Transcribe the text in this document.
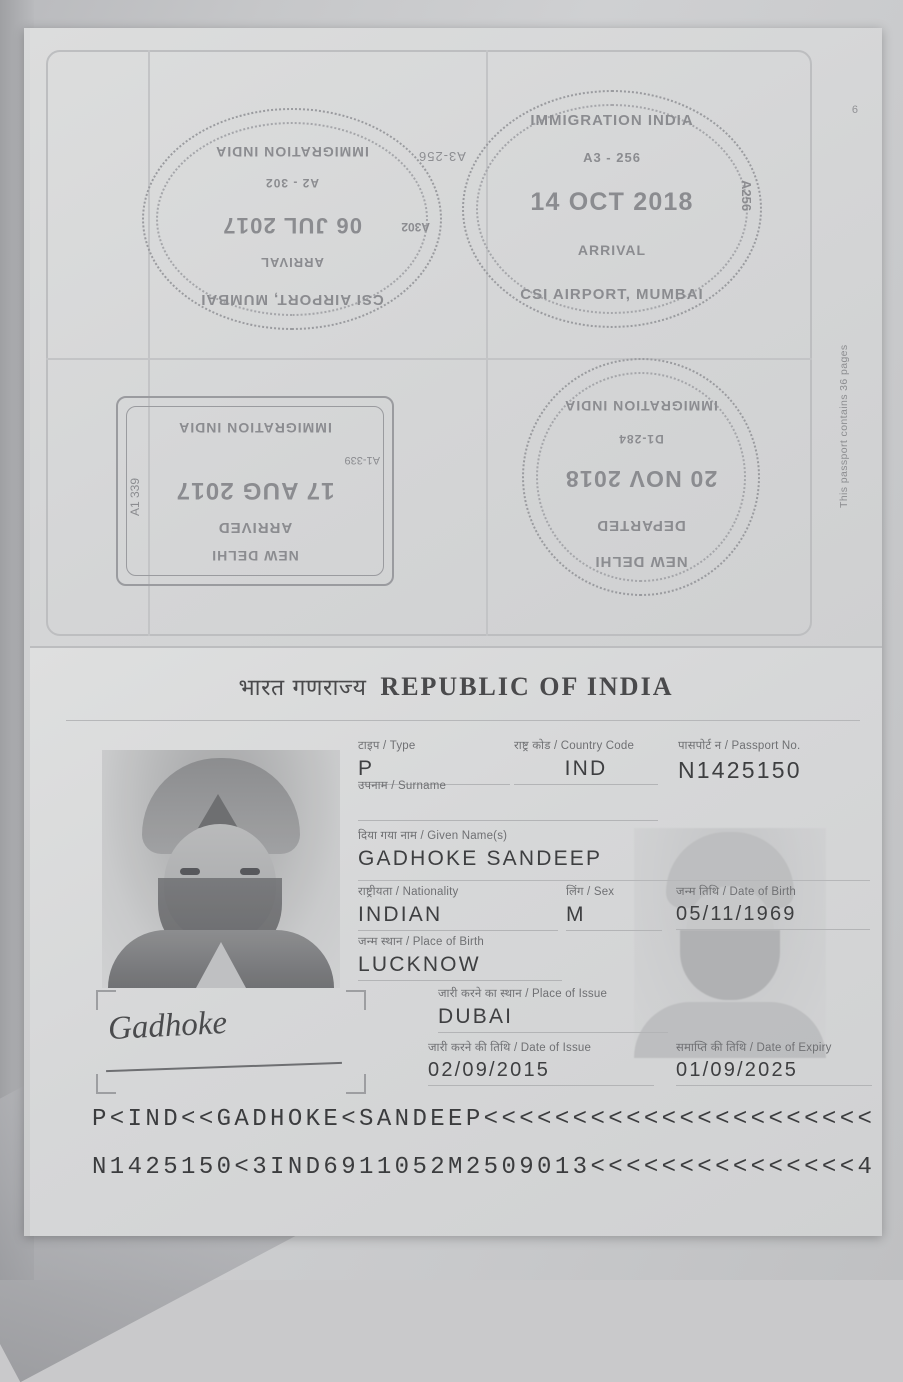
This passport contains 36 pages
6
CSI AIRPORT, MUMBAI
ARRIVAL
06 JUL 2017
A2 - 302
IMMIGRATION INDIA
A302
IMMIGRATION INDIA
A3 - 256
14 OCT 2018
ARRIVAL
CSI AIRPORT, MUMBAI
A256
A3-256
NEW DELHI
ARRIVED
17 AUG 2017
IMMIGRATION INDIA
A1-339
A1 339
NEW DELHI
DEPARTED
20 NOV 2018
D1-284
IMMIGRATION INDIA
भारत गणराज्य REPUBLIC OF INDIA
टाइप / Type
P
राष्ट्र कोड / Country Code
IND
पासपोर्ट न / Passport No.
N1425150
उपनाम / Surname
दिया गया नाम / Given Name(s)
GADHOKE SANDEEP
राष्ट्रीयता / Nationality
INDIAN
लिंग / Sex
M
जन्म तिथि / Date of Birth
05/11/1969
जन्म स्थान / Place of Birth
LUCKNOW
जारी करने का स्थान / Place of Issue
DUBAI
जारी करने की तिथि / Date of Issue
02/09/2015
समाप्ति की तिथि / Date of Expiry
01/09/2025
Gadhoke
P<IND<<GADHOKE<SANDEEP<<<<<<<<<<<<<<<<<<<<<<
N1425150<3IND6911052M2509013<<<<<<<<<<<<<<<4
